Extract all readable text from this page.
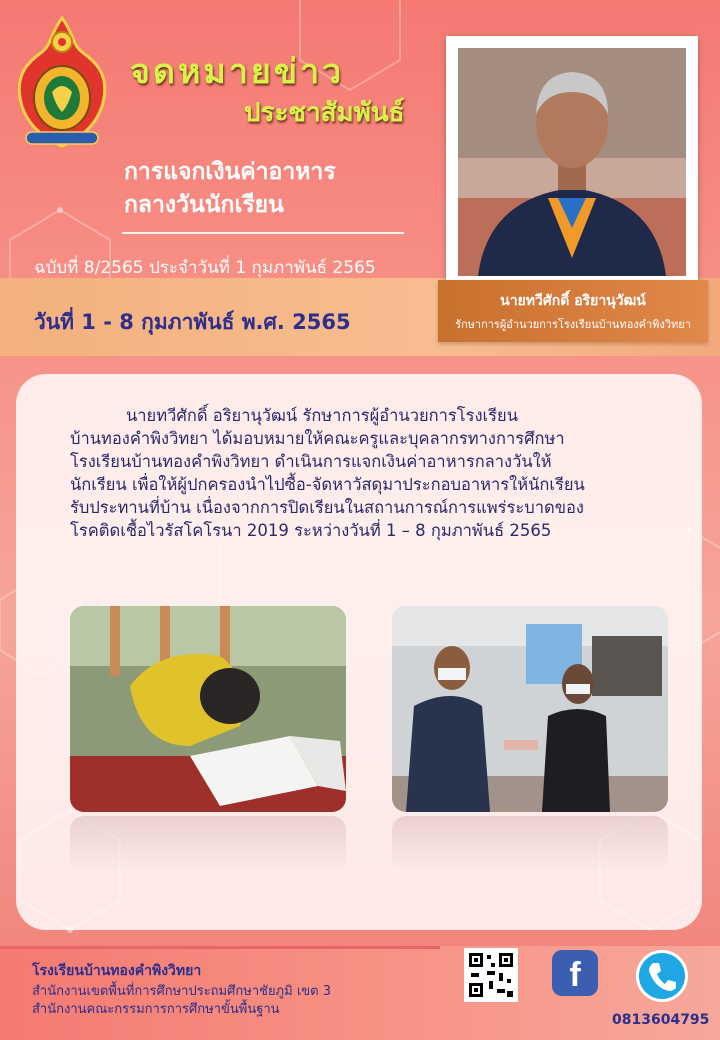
จดหมายข่าว
ประชาสัมพันธ์
การแจกเงินค่าอาหาร
กลางวันนักเรียน
ฉบับที่ 8/2565 ประจำวันที่ 1 กุมภาพันธ์ 2565
วันที่ 1 - 8 กุมภาพันธ์ พ.ศ. 2565
นายทวีศักดิ์ อริยานุวัฒน์
รักษาการผู้อำนวยการโรงเรียนบ้านทองคำพิงวิทยา
นายทวีศักดิ์ อริยานุวัฒน์ รักษาการผู้อำนวยการโรงเรียน
บ้านทองคำพิงวิทยา ได้มอบหมายให้คณะครูและบุคลากรทางการศึกษา
โรงเรียนบ้านทองคำพิงวิทยา ดำเนินการแจกเงินค่าอาหารกลางวันให้
นักเรียน เพื่อให้ผู้ปกครองนำไปซื้อ-จัดหาวัสดุมาประกอบอาหารให้นักเรียน
รับประทานที่บ้าน เนื่องจากการปิดเรียนในสถานการณ์การแพร่ระบาดของ
โรคติดเชื้อไวรัสโคโรนา 2019 ระหว่างวันที่ 1 – 8 กุมภาพันธ์ 2565
โรงเรียนบ้านทองคำพิงวิทยา
สำนักงานเขตพื้นที่การศึกษาประถมศึกษาชัยภูมิ เขต 3
สำนักงานคณะกรรมการการศึกษาขั้นพื้นฐาน
f
0813604795
